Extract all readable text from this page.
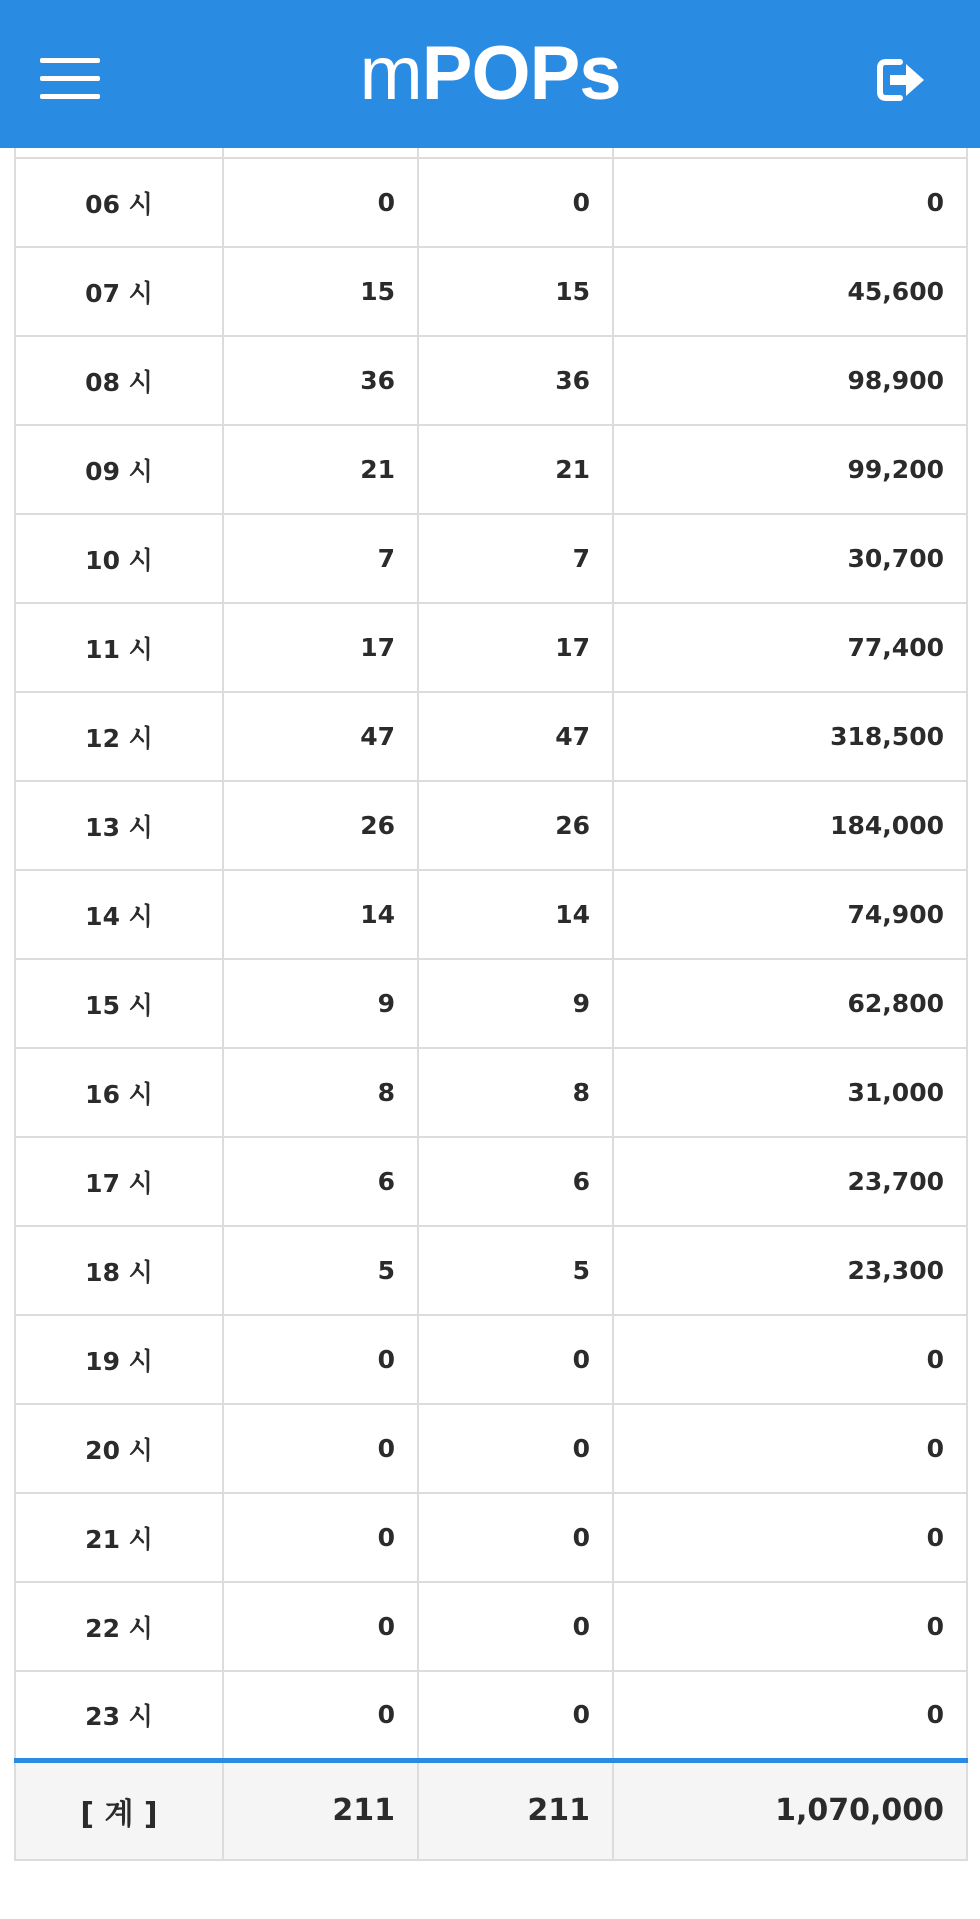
mPOPs

06 시	0	0	0
07 시	15	15	45,600
08 시	36	36	98,900
09 시	21	21	99,200
10 시	7	7	30,700
11 시	17	17	77,400
12 시	47	47	318,500
13 시	26	26	184,000
14 시	14	14	74,900
15 시	9	9	62,800
16 시	8	8	31,000
17 시	6	6	23,700
18 시	5	5	23,300
19 시	0	0	0
20 시	0	0	0
21 시	0	0	0
22 시	0	0	0
23 시	0	0	0
[ 계 ]	211	211	1,070,000
